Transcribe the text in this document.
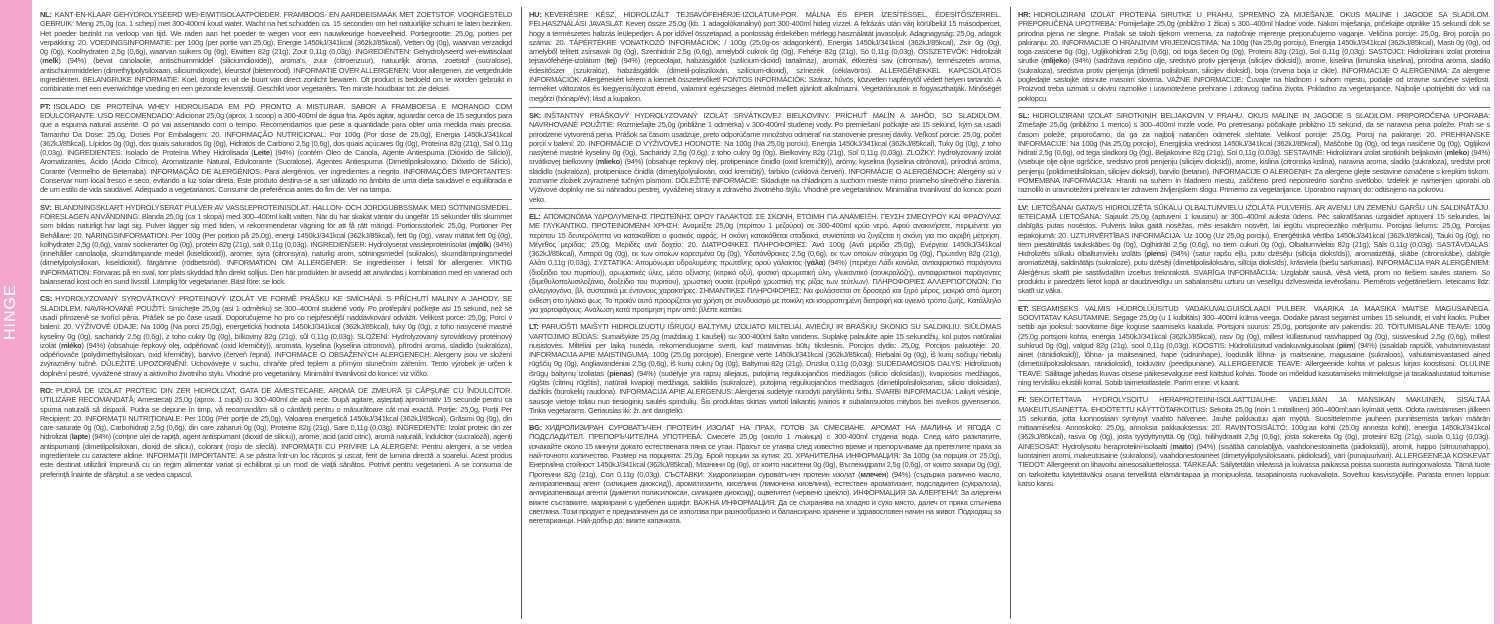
HINGE

NL: KANT-EN-KLAAR GEHYDROLYSEERD WEI-EIWITISOLAATPOEDER. FRAMBOOS- EN AARDBEISMAAK MET ZOETSTOF. VOORGESTELD GEBRUIK: Meng 25,0g (ca. 1 schep) met 300-400ml koud water. Wacht na het schudden ca. 15 seconden om het natuurlijke schuim te laten bezinken. Het poeder bezinkt na verloop van tijd. We raden aan het poeder te wegen voor een nauwkeurige hoeveelheid. Portiegrootte: 25,0g, porties per verpakking: 20. VOEDINGSINFORMATIE: per 100g (per portie van 25,0g), Energie 1450kJ/341kcal (362kJ/85kcal), Vetten 0g (0g), waarvan verzadigd 0g (0g), Koolhydraten 2,5g (0,6g), waarvan suikers 0g (0g), Eiwitten 82g (21g), Zout 0,11g (0,03g). INGREDIËNTEN: Gehydrolyseerd wei-eiwitisolaat (melk) (94%) (bevat canolaolie, antischuimmiddel (siliciumdioxide)), aroma's, zuur (citroenzuur), natuurlijk aroma, zoetstof (sucralose), antischuimmiddelen (dimethylpolysiloxaan, siliciumdioxide), kleurstof (bietenrood). INFORMATIE OVER ALLERGENEN: Voor allergenen, zie vetgedrukte ingrediënten. BELANGRIJKE INFORMATIE: Koel, droog en uit de buurt van direct zonlicht bewaren. Dit product is bedoeld om te worden gebruikt in combinatie met een evenwichtige voeding en een gezonde levensstijl. Geschikt voor vegetariërs. Ten minste houdbaar tot: zie deksel.

PT: ISOLADO DE PROTEÍNA WHEY HIDROLISADA EM PÓ PRONTO A MISTURAR. SABOR A FRAMBOESA E MORANGO COM EDULCORANTE. USO RECOMENDADO: Adicionar 25,0g (aprox. 1 scoop) a 300-400ml de água fria. Após agitar, aguardar cerca de 15 segundos para que a espuma natural assente. O pó vai assentando com o tempo. Recomendamos que pese a quantidade para obter uma medida mais precisa. Tamanho Da Dose: 25,0g, Doses Por Embalagem: 20. INFORMAÇÃO NUTRICIONAL: Por 100g (Por dose de 25,0g), Energia 1450kJ/341kcal (362kJ/85kcal), Lípidos 0g (0g), dos quais saturados 0g (0g), Hidratos de Carbono 2,5g (0,6g), dos quais açúcares 0g (0g), Proteína 82g (21g), Sal 0,11g (0,03g). INGREDIENTES: Isolado de Proteína Whey Hidrolisada (Leite) (94%) (contém Óleo de Canola, Agente Antiespuma (Dióxido de Silício)), Aromatizantes, Ácido (Ácido Cítrico), Aromatizante Natural, Edulcorante (Sucralose), Agentes Antiespuma (Dimetilpolisiloxano, Dióxido de Silício), Corante (Vermelho de Beterraba). INFORMAÇÃO DE ALERGÉNIOS: Para alergénios, ver ingredientes a negrito. INFORMAÇÕES IMPORTANTES: Conservar num local fresco e seco, evitando a luz solar direta. Este produto destina-se a ser utilizado no âmbito de uma dieta saudável e equilibrada e de um estilo de vida saudável. Adequado a vegetarianos. Consumir de preferência antes do fim de: Ver na tampa.

SV: BLANDNINGSKLART HYDROLYSERAT PULVER AV VASSLEPROTEINISOLAT. HALLON- OCH JORDGUBBSSMAK MED SÖTNINGSMEDEL. FÖRESLAGEN ANVÄNDNING: Blanda 25,0g (ca 1 skopa) med 300–400ml kallt vatten. När du har skakat väntar du ungefär 15 sekunder tills skummet som bildas naturligt har lagt sig. Pulver lägger sig med tiden, vi rekommenderar vägning för att få rätt mängd. Portionsstorlek: 25,0g, Portioner Per Behållare: 20. NÄRINGSINFORMATION: Per 100g (Per portion på 25,0g), energi 1450kJ/341kcal (362kJ/85kcal), fett 0g (0g), varav mättat fett 0g (0g), kolhydrater 2,5g (0,6g), varav sockerarter 0g (0g), protein 82g (21g), salt 0,11g (0,03g). INGREDIENSER: Hydrolyserat vassleproteinisolat (mjölk) (94%) (innehåller canolaolja, skumdämpande medel (kiseldioxid)), aromer, syra (citronsyra), naturlig arom, sötningsmedel (sukralos), skumdämpningsmedel (dimetylpolysiloxan, kiseldioxid), färgämne (rödbetsröd). INFORMATION OM ALLERGENER: Se ingredienser i fetstil för allergener. VIKTIG INFORMATION: Förvaras på en sval, torr plats skyddad från direkt solljus. Den här produkten är avsedd att användas i kombination med en varierad och balanserad kost och en sund livsstil. Lämplig för vegetarianer. Bäst före: se lock.

CS: HYDROLYZOVANÝ SYROVÁTKOVÝ PROTEINOVÝ IZOLÁT VE FORMĚ PRÁŠKU KE SMÍCHÁNÍ. S PŘÍCHUTÍ MALINY A JAHODY, SE SLADIDLEM. NAVRHOVANÉ POUŽITÍ: Smíchejte 25,0g (asi 1 odměrku) se 300–400ml studené vody. Po protřepání počkejte asi 15 sekund, než se usadí přirozeně se tvořící pěna. Prášek se po čase usadí. Doporučujeme ho pro co nejpřesnější naddávkování odvážit. Velikost porce: 25,0g, Porcí v balení: 20. VÝŽIVOVÉ ÚDAJE: Na 100g (Na porci 25,0g), energetická hodnota 1450kJ/341kcal (362kJ/85kcal), tuky 0g (0g), z toho nasycené mastné kyseliny 0g (0g), sacharidy 2,5g (0,6g), z toho cukry 0g (0g), bílkoviny 82g (21g), sůl 0,11g (0,03g). SLOŽENÍ: Hydrolyzovaný syrovátkový proteinový izolát (mléko) (94%) (obsahuje řepkový olej, odpěňovač (oxid křemičitý)), aromata, kyselina (kyselina citronová), přírodní aroma, sladidlo (sukralóza), odpěňovače (polydimethylsiloxan, oxid křemičitý), barvivo (červeň řepná). INFORMACE O OBSAŽENÝCH ALERGENECH: Alergeny jsou ve složení zvýrazněny tučně. DŮLEŽITÉ UPOZORNĚNÍ: Uchovávejte v suchu, chraňte před teplem a přímým slunečním zářením. Tento výrobek je určen k doplnění pestré, vyvážené stravy a aktivního životního stylu. Vhodné pro vegetariány. Minimální trvanlivost do konce: viz víčko.

RO: PUDRĂ DE IZOLAT PROTEIC DIN ZER HIDROLIZAT, GATA DE AMESTECARE. AROMĂ DE ZMEURĂ ŞI CĂPŞUNE CU ÎNDULCITOR. UTILIZARE RECOMANDATĂ: Amestecaţi 25,0g (aprox. 1 cupă) cu 300-400ml de apă rece. După agitare, aşteptaţi aproximativ 15 secunde pentru ca spuma naturală să dispară. Pudra se depune în timp, vă recomandăm să o cântăriţi pentru o măsurătoare cât mai exactă. Porţie: 25,0g, Porţii Per Recipient: 20. INFORMAŢII NUTRIŢIONALE: Per 100g (Per porţie de 25,0g), Valoarea energetică 1450kJ/341kcal (362kJ/85kcal), Grăsimi 0g (0g), din care saturate 0g (0g), Carbohidraţi 2,5g (0,6g), din care zaharuri 0g (0g), Proteine 82g (21g), Sare 0,11g (0,03g). INGREDIENTE: Izolat proteic din zer hidrolizat (lapte) (94%) (conţine ulei de rapiţă, agent antispumant (dioxid de siliciu)), arome, acid (acid citric), aromă naturală, îndulcitor (sucraloză), agenţi antispumanţi (dimetilpolisiloxan, dioxid de siliciu), colorant (roşu de sfeclă). INFORMAŢII CU PRIVIRE LA ALERGENI: Pentru alergeni, a se vedea ingredientele cu caractere aldine. INFORMAŢII IMPORTANTE: A se păstra într-un loc răcoros şi uscat, ferit de lumina directă a soarelui. Acest produs este destinat utilizării împreună cu un regim alimentar variat şi echilibrat şi un mod de viaţă sănătos. Potrivit pentru vegetarieni. A se consuma de preferinţă înainte de sfârşitul: a se vedea capacul.

HU: KEVERÉSRE KÉSZ, HIDROLIZÁLT TEJSAVÓFEHÉRJE-IZOLÁTUM-POR. MÁLNA ÉS EPER ÍZESÍTÉSSEL, ÉDESÍTŐSZERREL. FELHASZNÁLÁSI JAVASLAT: Keverj össze 25,0g (kb. 1 adagolókanálnyi) port 300-400ml hideg vízzel. A felrázás után várj körülbelül 15 másodpercet, hogy a természetes habzás leülepedjen. A por idővel összetapad, a pontosság érdekében mérlegg használatát javasoljuk. Adagnagyság: 25,0g, adagok száma: 20. TÁPÉRTÉKRE VONATKOZÓ INFORMÁCIÓK: / 100g (25,0g-os adagonként), Energia 1450kJ/341kcal (362kJ/85kcal), Zsír 0g (0g), amelyből telített zsírsavak 0g (0g), Szénhidrát 2,5g (0,6g), amelyből cukrok 0g (0g), Fehérje 82g (21g), Só 0,11g (0,03g). ÖSSZETEVŐK: Hidrolizált tejsavófehérje-izolátum (tej) (94%) (repceolajat, habzásgátlót (szilícium-dioxid) tartalmaz), aromák, étkezési sav (citromsav), természetes aroma, édesítőszer (szukralóz), habzásgátlók (dimetil-polisziloxán, szilícium-dioxid), színezék (céklavörös). ALLERGÉNEKKEL KAPCSOLATOS INFORMÁCIÓK: Allergénekért kérem a kiemelt összetevőket! FONTOS INFORMÁCIÓK: Száraz, hűvös, közvetlen napfénytől védett helyen tartandó. A terméket változatos és kiegyensúlyozott étrend, valamint egészséges életmód mellett ajánlott alkalmazni. Vegetáriánusok is fogyaszthatják. Minőségét megőrzi (hónap/év): lásd a kupakon.

SK: INŠTANTNÝ PRÁŠKOVÝ HYDROLYZOVANÝ IZOLÁT SRVÁTKOVEJ BIELKOVINY. PRÍCHUŤ MALÍN A JAHÔD, SO SLADIDLOM. NAVRHOVANÉ POUŽITIE: Rozmiešajte 25,0g (približne 1 odmerka) v 300-400ml studenej vody. Po premiešaní počkajte asi 15 sekúnd, kým sa usadí prirodzene vytvorená pena. Prášok sa časom usadzuje, preto odporúčame množstvo odmerať na stanovenie presnej dávky. Veľkosť porcie: 25,0g, počet porcií v balení: 20. INFORMÁCIE O VÝŽIVOVEJ HODNOTE: Na 100g (Na 25,0g porciu), Energia 1450kJ/341kcal (362kJ/85kcal), Tuky 0g (0g), z toho nasýtené mastné kyseliny 0g (0g), Sacharidy 2,5g (0,6g), z toho cukry 0g (0g), Bielkoviny 82g (21g), Soľ 0,11g (0,03g). ZLOŽKY: hydrolyzovaný izolát srvátkovej bielkoviny (mlieko) (94%) (obsahuje repkový olej, protipeniace činidlo (oxid kremičitý)), arómy, kyselina (kyselina citrónová), prírodná aróma, sladidlo (sukralóza), protipeniace činidlá (dimetylpolysiloxán, oxid kremičitý), farbivo (cviklová červeň). INFORMÁCIE O ALERGÉNOCH: Alergény sú v zozname zložiek zvýraznené tučným písmom. DÔLEŽITÉ INFORMÁCIE: Skladujte na chladnom a suchom mieste mimo priameho slnečného žiarenia. Výživové doplnky nie sú náhradou pestrej, vyváženej stravy a zdravého životného štýlu. Vhodné pre vegetariánov. Minimálna trvanlivosť do konca: pozri veko.

EL: ΑΠΟΜΟΝΩΜΑ ΥΔΡΟΛΥΜΕΝΗΣ ΠΡΩΤΕΪΝΗΣ ΟΡΟΥ ΓΑΛΑΚΤΟΣ ΣΕ ΣΚΟΝΗ, ΕΤΟΙΜΗ ΓΙΑ ΑΝΑΜΕΙΞΗ. ΓΕΥΣΗ ΣΜΕΟΥΡΟΥ ΚΑΙ ΦΡΑΟΥΛΑΣ ΜΕ ΓΛΥΚΑΝΤΙΚΟ. ΠΡΟΤΕΙΝΟΜΕΝΗ ΧΡΗΣΗ: Αναμείξτε 25,0g (περίπου 1 μεζούρα) σε 300-400ml κρύο νερό. Αφού ανακινήσετε, περιμένετε για περίπου 15 δευτερόλεπτα να κατακαθίσει ο φυσικός αφρός. Η σκόνη κατακάθεται σταδιακά, συνιστάται να ζυγίζεται η σκόνη για πιο ακριβή μέτρηση. Μέγεθος μερίδας: 25,0g, Μερίδες ανά δοχείο: 20. ΔΙΑΤΡΟΦΙΚΕΣ ΠΛΗΡΟΦΟΡΙΕΣ: Ανά 100g (Ανά μερίδα 25,0g), Ενέργεια 1450kJ/341kcal (362kJ/85kcal), Λιπαρά 0g (0g), εκ των οποίων κορεσμένα 0g (0g), Υδατάνθρακες 2,5g (0,6g), εκ των οποίων σάκχαρα 0g (0g), Πρωτεΐνη 82g (21g), Αλάτι 0,11g (0,03g). ΣΥΣΤΑΤΙΚΑ: Απομόνωμα υδρολυμένης πρωτεΐνης ορού γάλακτος (γάλα) (94%) (περιέχει Λάδι κανόλα, αντιαφριστικό παράγοντα (διοξείδιο του πυριτίου)), αρωματικές ύλες, μέσο οξίνισης (κιτρικό οξύ), φυσική αρωματική ύλη, γλυκαντικό (σουκραλόζη), αντιαφριστικοί παράγοντες (διμεθυλοπολυσιλοξάνιο, διοξείδιο του πυριτίου), χρωστική ουσία (ερυθρά χρωστική της ρίζας των τεύτλων). ΠΛΗΡΟΦΟΡΙΕΣ ΑΛΛΕΡΓΙΟΓΟΝΩΝ: Για αλλεργιογόνα, βλ. συστατικά με έντονους χαρακτήρες. ΣΗΜΑΝΤΙΚΕΣ ΠΛΗΡΟΦΟΡΙΕΣ: Να φυλάσσεται σε δροσερό και ξηρό μέρος, μακριά από άμεση έκθεση στο ηλιακό φως. Το προϊόν αυτό προορίζεται για χρήση σε συνδυασμό με ποικίλη και ισορροπημένη διατροφή και υγιεινό τρόπο ζωής. Κατάλληλο για χορτοφάγους. Ανάλωση κατά προτίμηση πριν από: βλέπε καπάκι.

LT: PARUOŠTI MAIŠYTI HIDROLIZUOTŲ IŠRŲGŲ BALTYMŲ IZOLIATO MILTELIAI. AVIEČIŲ IR BRAŠKIŲ SKONIO SU SALDIKLIU. SIŪLOMAS VARTOJIMO BŪDAS: Sumaišykite 25,0g (maždaug 1 kaušelį) su 300-400ml šalto vandens. Suplakę palaukite apie 15 sekundžių, kol putos natūraliai nusistovės. Milteliai per laiką nusėda, rekomenduojame sverti, kad matavimas būtų tikslesnis. Porcijos dydis: 25,0g, Porcijos pakuotėje: 20. INFORMACIJA APIE MAISTINGUMĄ: 100g (25,0g porcijoje), Energinė vertė 1450kJ/341kcal (362kJ/85kcal), Riebalai 0g (0g), iš kurių sočiųjų riebalų rūgščių 0g (0g), Angliavandeniai 2,5g (0,6g), iš kurių cukrų 0g (0g), Baltymai 82g (21g), Druska 0,11g (0,03g). SUDEDAMOSIOS DALYS: Hidrolizuotų išrūgų baltymų izoliatas (pienas) (94%) (sudėtyje yra rapsų aliejaus, putojimą reguliuojančios medžiagos (silicio dioksidas)), kvapiosios medžiagos, rūgštis (citrinų rūgštis), natūrali kvapioji medžiaga, saldiklis (sukralozė), putojimą reguliuojančios medžiagos (dimetilpolisiloksanas, silicio dioksidas), dažiklis (burokėlių raudona). INFORMACIJA APIE ALERGENUS: Alergenai sudėtyje nurodyti paryškintu šriftu. SVARBI INFORMACIJA: Laikyti vėsioje, sausoje vietoje toliau nuo tiesioginių saulės spindulių. Šis produktas skirtas vartoti laikantis įvairios ir subalansuotos mitybos bei sveikos gyvensenos. Tinka vegetarams. Geriausias iki: žr. ant dangtelio.

BG: ХИДРОЛИЗИРАН СУРОВАТЪЧЕН ПРОТЕИН ИЗОЛАТ НА ПРАХ, ГОТОВ ЗА СМЕСВАНЕ. АРОМАТ НА МАЛИНА И ЯГОДА С ПОДСЛАДИТЕЛ. ПРЕПОРЪЧИТЕЛНА УПОТРЕБА: Смесете 25,0g (около 1 лъжица) с 300-400ml студена вода. След като разклатите, изчакайте около 15 минути докато естествената пяна се утаи. Прахът се утаява след известно време и препоръчваме да претеглите праха за най-точното количество. Размер на порцията: 25,0g, Брой порции за кутия: 20. ХРАНИТЕЛНА ИНФОРМАЦИЯ: За 100g (за порция от 25,0g), Енергийна стойност 1450kJ/341kcal (362kJ/85kcal), Мазнини 0g (0g), от които наситени 0g (0g), Въглехидрати 2,5g (0,6g), от които захари 0g (0g), Протеини 82g (21g), Сол 0,11g (0,03g). СЪСТАВКИ: Хидролизиран суроватъчен протеин изолат (млечен) (94%) (съдържа рапично масло, антиразпенващ агент (силициев диоксид)), ароматизанти, киселина (лимонена киселина), естествен ароматизант, подсладител (сукралоза), антиразпенващи агенти (диметил полисилоксан, силициев диоксид), оцветител (червено цвекло). ИНФОРМАЦИЯ ЗА АЛЕРГЕНИ: За алергени вижте съставките, маркирани с удебелен шрифт. ВАЖНА ИНФОРМАЦИЯ: Да се съхранява на хладно и сухо място, далеч от пряка слънчева светлина. Този продукт е предназначен да се използва при разнообразно и балансирано хранене и здравословен начин на живот. Подходящ за вегетарианци. Най-добър до: вижте капачката.

HR: HIDROLIZIRANI IZOLAT PROTEINA SIRUTKE U PRAHU, SPREMNO ZA MIJEŠANJE. OKUS MALINE I JAGODE SA SLADILOM. PREPORUČENA UPOTREBA: Pomiješajte 25,0g (približno 1 žlica) s 300–400ml hladne vode. Nakon miješanja, pričekajte otprilike 15 sekundi dok se prirodna pjena ne slegne. Prašak se taloži tijekom vremena, za najtočnije mjerenje preporučujemo vaganje. Veličina porcije: 25,0g, Broj porcija po pakiranju: 20. INFORMACIJE O HRANJIVIM VRIJEDNOSTIMA: Na 100g (Na 25,0g porciju), Energija 1450kJ/341kcal (362kJ/85kcal), Masti 0g (0g), od toga zasićene 0g (0g), Ugljikohidrati 2,5g (0,6g), od toga šećeri 0g (0g), Proteini 82g (21g), Sol 0,11g (0,03g). SASTOJCI: Hidrolizirani izolat proteina sirutke (mlijeko) (94%) (sadržava repičino ulje, sredstvo protiv pjenjenja (silicijev dioksid)), arome, kiselina (limunska kiselina), prirodna aroma, sladilo (sukraloza), sredstva protiv pjenjenja (dimetil polisiloksan, silicijev dioksid), boja (crvena boja iz cikle). INFORMACIJE O ALERGENIMA: Za alergene pogledajte sastojke otisnute masnim slovima. VAŽNE INFORMACIJE: Čuvajte na hladnom i suhom mjestu, podalje od izravne sunčeve svjetlosti. Proizvod treba uzimati u okviru raznolike i uravnotežene prehrane i zdravog načina života. Prikladno za vegetarijance. Najbolje upotrijebiti do: vidi na poklopcu.

SL: HIDROLIZIRANI IZOLAT SIROTKINIH BELJAKOVIN V PRAHU. OKUS MALINE IN JAGODE S SLADILOM. PRIPOROČENA UPORABA: Zmešajte 25,0g (približno 1 merico) s 300–400ml mrzle vode. Po pretresanju počakajte približno 15 sekund, da se naravna pena poleže. Prah se s časom poleže; priporočamo, da ga za najbolj natančen odmerek stehtate. Velikost porcije: 25,0g, Porcij na pakiranje: 20. PREHRANSKE INFORMACIJE: Na 100g (Na 25,0g porcijo), Energijska vrednost 1450kJ/341kcal (362kJ/85kcal), Maščobe 0g (0g), od tega nasičene 0g (0g), Ogljikovi hidrati 2,5g (0,6g), od tega sladkorji 0g (0g), Beljakovine 82g (21g), Sol 0,11g (0,03g). SESTAVINE: Hidrolizirani izolat sirotkinih beljakovin (mleko) (94%) (vsebuje olje oljne ogrščice, sredstvo proti penjenju (silicijev dioksid)), arome, kislina (citronska kislina), naravna aroma, sladilo (sukraloza), sredstvi proti penjenju (polidimetilsiloksan, silicijev dioksid), barvilo (betanin). INFORMACIJE O ALERGENIH: Za alergene glejte sestavine označene s krepkim tiskom. POMEMBNA INFORMACIJA: Hraniti na suhem in hladnem mestu, zaščiteno pred neposredno sončno svetlobo. Izdelek je namenjen uporabi ob raznoliki in uravnoteženi prehrani ter zdravem življenjskem slogu. Primerno za vegetarijance. Uporabno najmanj do: odtisnjeno na pokrovu.

LV: LIETOŠANAI GATAVS HIDROLIZĒTA SŪKALU OLBALTUMVIELU IZOLĀTA PULVERIS. AR AVEŅU UN ZEMEŅU GARŠU UN SALDINĀTĀJU. IETEICAMĀ LIETOŠANA: Sajaukt 25,0g (aptuveni 1 kausiņu) ar 300–400ml auksta ūdens. Pēc sakratīšanas uzgaidiet aptuveni 15 sekundes, lai dabīgās putas nosēstos. Pulveris laika gaitā nosēžas, mēs iesakām nosvērt, lai iegūtu vispreciezāko mērījumu. Porcijas lielums: 25,0g, Porcijas iepakojumā: 20. UZTURVĒRTĪBAS INFORMĀCIJA: Uz 100g (Uz 25,0g porciju), Enerģētiskā vērtība 1450kJ/341kcal (362kJ/85kcal), Tauki 0g (0g), no tiem piesātinātās taukskābes 0g (0g), Ogļhidrāti 2,5g (0,6g), no tiem cukuri 0g (0g), Olbaltumvielas 82g (21g), Sāls 0,11g (0,03g). SASTĀVDAĻAS: Hidrolizēts sūkalu olbaltumvielu izolāts (piens) (94%) (satur rapšu eļļu, putu dzēsēju (silīcija dioksīds)), aromatizētāji, skābe (citronskābe), dabīgie aromatizētāji, saldinātājs (sukraloze), putu dzēsēji (dimetilpolisiloksāns, silīcija dioksīds), krāsviela (biešu sarkanais). INFORMĀCIJA PAR ALERĢĒNIEM: Alerģēnus skatīt pie sastāvdaļām izceltus treknrakstā. SVARĪGA INFORMĀCIJA: Uzglabāt sausā, vēsā vietā, prom no tiešiem saules stariem. So produktu ir paredzēts lietot kopā ar daudzveidīgu un sabalansētu uzturu un veselīgu dzīvesveida ievērošanu. Piemērots veģetāriešiem. Ieteicams līdz: skatīt uz vāka.

ET: SEGAMISEKS VALMIS HÜDROLÜÜSITUD VADAKUVALGUISOLAADI PULBER. VAARIKA JA MAASIKA MAITSE MAGUSAINEGA. SOOVITATAV KASUTAMINE: Segage 25,0g (u 1 kulbitäis) 300–400ml külma veega. Oodake pärast segamist umbes 15 sekundit, et vaht kaoks. Pulber settib aja jooksul; soovitame õige koguse saamiseks kaaluda. Portsjoni suurus: 25,0g, portsjonite arv pakendis: 20. TOITUMISALANE TEAVE: 100g (25,0g portsjoni kohta, energia 1450kJ/341kcal (362kJ/85kcal), rasv 0g (0g), millest küllastunud rasvhapped 0g (0g), süsivesikud 2,5g (0,6g), millest suhkrud 0g (0g), valgud 82g (21g), sool 0,11g (0,03g). KOOSTIS: Hüdrolüüsitud vadakuvalguisolaat (piim) (94%) (sisaldab rapsiõli, vahutamisvastast ainet (ränidioksiid)), lõhna- ja maitseained, hape (sidrunhape), looduslik lõhna- ja maitseaine, magusaine (sukraloos), vahutamisvastased ained (dimetüülpolüsiloksaan, ränidioksiid), toiduvärv (peedipunane). ALLERGEENIDE TEAVE: Allergeenide kohta vt paksus kirjas koostisosi. OLULINE TEAVE: Säilitage jahedas kuivas otsese päikesevalguse eest kaitstud kohas. Toode on mõeldud kasutamiseks mitmekülgse ja tasakaalustatud toitumise ning tervisliku elustiili korral. Sobib taimetoitlastele. Parim enne: vt kaant.

FI: SEKOITETTAVA HYDROLYSOITU HERAPROTEIINI-ISOLAATTIJAUHE. VADELMAN JA MANSIKAN MAKUINEN, SISÄLTÄÄ MAKEUTUSAINETTA. EHDOTETTU KÄYTTÖTARKOITUS: Sekoita 25,0g (noin 1 mitallinen) 300–400ml:aan kylmää vettä. Odota ravistamisen jälkeen 15 sekuntia, jotta luonnostaan syntynyt vaahto hälvenee. Jauhe pakkautuu ajan myötä. Suosittelemme jauheen punnitsemista tarkan määrän mittaamiseksi. Annoskoko: 25,0g, annoksia pakkauksessa: 20. RAVINTOSISÄLTÖ: 100g:aa kohti (25,0g annosta kohti), energia 1450kJ/341kcal (362kJ/85kcal), rasva 0g (0g), josta tyydyttynyttä 0g (0g), hiilihydraatit 2,5g (0,6g), josta sokereita 0g (0g), proteiini 82g (21g), suola 0,11g (0,03g). AINESOSAT: Hydrolysoitu heraproteiini-isolaatti (maito) (94%) (sisältää canolaöljyä, vaahdonestoainetta (piidioksidi)), aromit, happo (sitruunahappo), luontainen aromi, makeutusaine (sukraloosi), vaahdonestoaineet (dimetyylipolysiloksaani, piidioksidi), väri (punajuurivari). ALLERGEENEJA KOSKEVAT TIEDOT: Allergeenit on lihavoitu ainesosaluettelossa. TÄRKEÄÄ: Säilytetään viileässä ja kuivassa paikassa poissa suorasta auringonvalosta. Tämä tuote on tarkoitettu käytettäväksi osana tervellistä elämäntapaa ja monipuolista, tasapainoista ruokavaliota. Soveltuu kasvissyöjille. Parasta ennen loppua: katso kansi.
